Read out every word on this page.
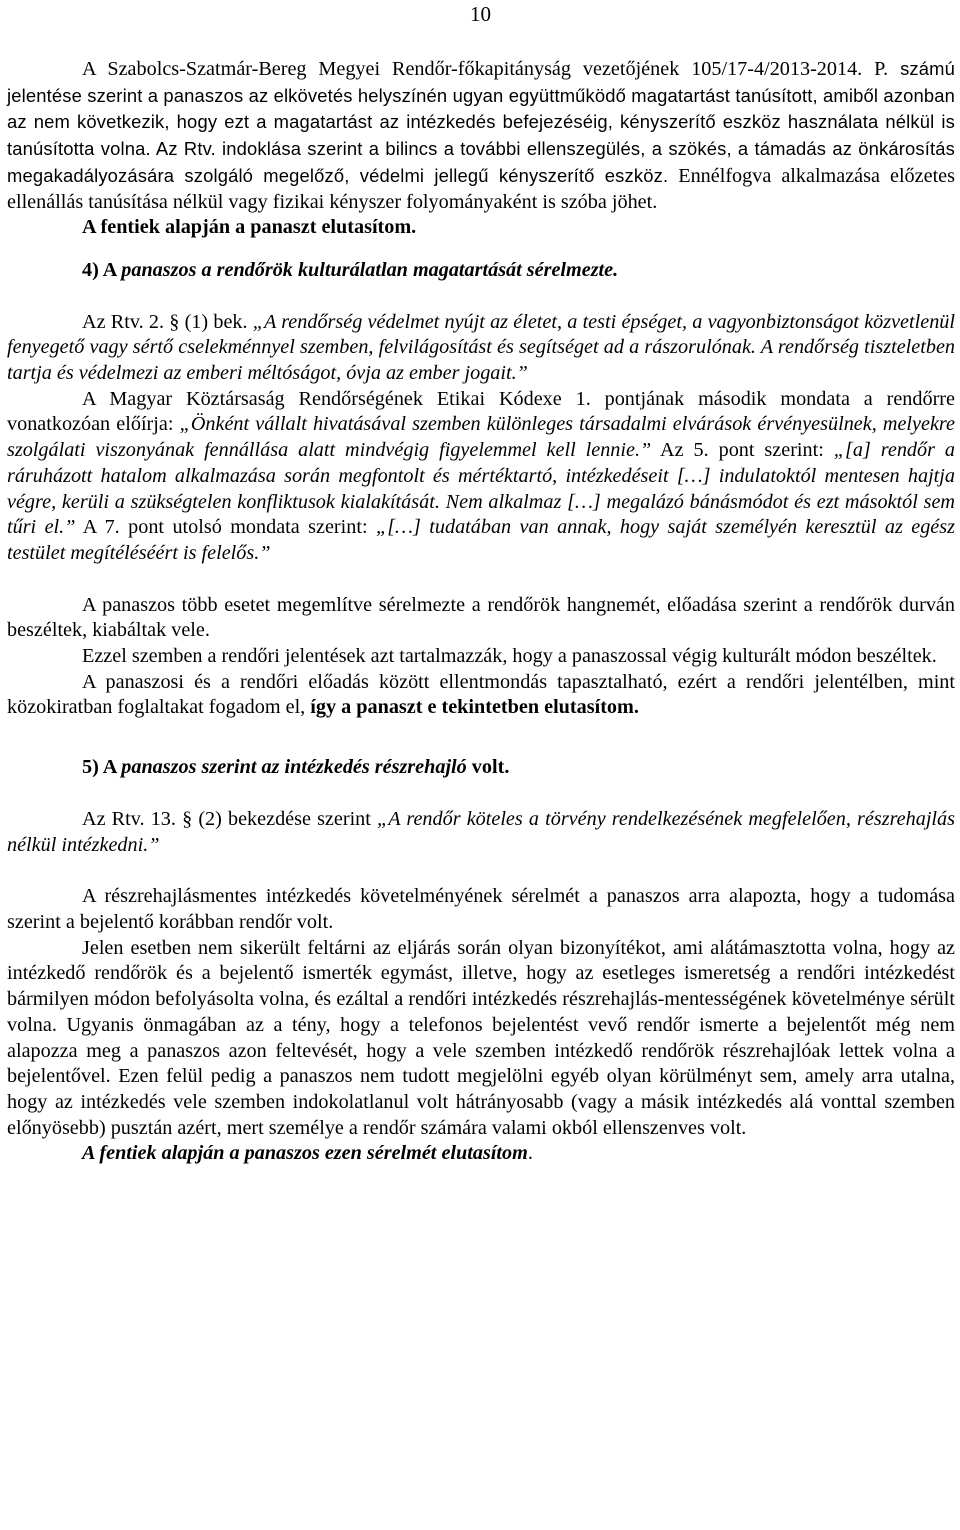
10

A Szabolcs-Szatmár-Bereg Megyei Rendőr-főkapitányság vezetőjének 105/17-4/2013-2014. P. számú jelentése szerint a panaszos az elkövetés helyszínén ugyan együttműködő magatartást tanúsított, amiből azonban az nem következik, hogy ezt a magatartást az intézkedés befejezéséig, kényszerítő eszköz használata nélkül is tanúsította volna. Az Rtv. indoklása szerint a bilincs a további ellenszegülés, a szökés, a támadás az önkárosítás megakadályozására szolgáló megelőző, védelmi jellegű kényszerítő eszköz. Ennélfogva alkalmazása előzetes ellenállás tanúsítása nélkül vagy fizikai kényszer folyományaként is szóba jöhet.

A fentiek alapján a panaszt elutasítom.

4) A panaszos a rendőrök kulturálatlan magatartását sérelmezte.

Az Rtv. 2. § (1) bek. „A rendőrség védelmet nyújt az életet, a testi épséget, a vagyonbiztonságot közvetlenül fenyegető vagy sértő cselekménnyel szemben, felvilágosítást és segítséget ad a rászorulónak. A rendőrség tiszteletben tartja és védelmezi az emberi méltóságot, óvja az ember jogait.”

A Magyar Köztársaság Rendőrségének Etikai Kódexe 1. pontjának második mondata a rendőrre vonatkozóan előírja: „Önként vállalt hivatásával szemben különleges társadalmi elvárások érvényesülnek, melyekre szolgálati viszonyának fennállása alatt mindvégig figyelemmel kell lennie.” Az 5. pont szerint: „[a] rendőr a ráruházott hatalom alkalmazása során megfontolt és mértéktartó, intézkedéseit […] indulatoktól mentesen hajtja végre, kerüli a szükségtelen konfliktusok kialakítását. Nem alkalmaz […] megalázó bánásmódot és ezt másoktól sem tűri el.” A 7. pont utolsó mondata szerint: „[…] tudatában van annak, hogy saját személyén keresztül az egész testület megítéléséért is felelős.”

A panaszos több esetet megemlítve sérelmezte a rendőrök hangnemét, előadása szerint a rendőrök durván beszéltek, kiabáltak vele.

Ezzel szemben a rendőri jelentések azt tartalmazzák, hogy a panaszossal végig kulturált módon beszéltek.

A panaszosi és a rendőri előadás között ellentmondás tapasztalható, ezért a rendőri jelentélben, mint közokiratban foglaltakat fogadom el, így a panaszt e tekintetben elutasítom.

5) A panaszos szerint az intézkedés részrehajló volt.

Az Rtv. 13. § (2) bekezdése szerint „A rendőr köteles a törvény rendelkezésének megfelelően, részrehajlás nélkül intézkedni.”

A részrehajlásmentes intézkedés követelményének sérelmét a panaszos arra alapozta, hogy a tudomása szerint a bejelentő korábban rendőr volt.

Jelen esetben nem sikerült feltárni az eljárás során olyan bizonyítékot, ami alátámasztotta volna, hogy az intézkedő rendőrök és a bejelentő ismerték egymást, illetve, hogy az esetleges ismeretség a rendőri intézkedést bármilyen módon befolyásolta volna, és ezáltal a rendőri intézkedés részrehajlás-mentességének követelménye sérült volna. Ugyanis önmagában az a tény, hogy a telefonos bejelentést vevő rendőr ismerte a bejelentőt még nem alapozza meg a panaszos azon feltevését, hogy a vele szemben intézkedő rendőrök részrehajlóak lettek volna a bejelentővel. Ezen felül pedig a panaszos nem tudott megjelölni egyéb olyan körülményt sem, amely arra utalna, hogy az intézkedés vele szemben indokolatlanul volt hátrányosabb (vagy a másik intézkedés alá vonttal szemben előnyösebb) pusztán azért, mert személye a rendőr számára valami okból ellenszenves volt.

A fentiek alapján a panaszos ezen sérelmét elutasítom.
